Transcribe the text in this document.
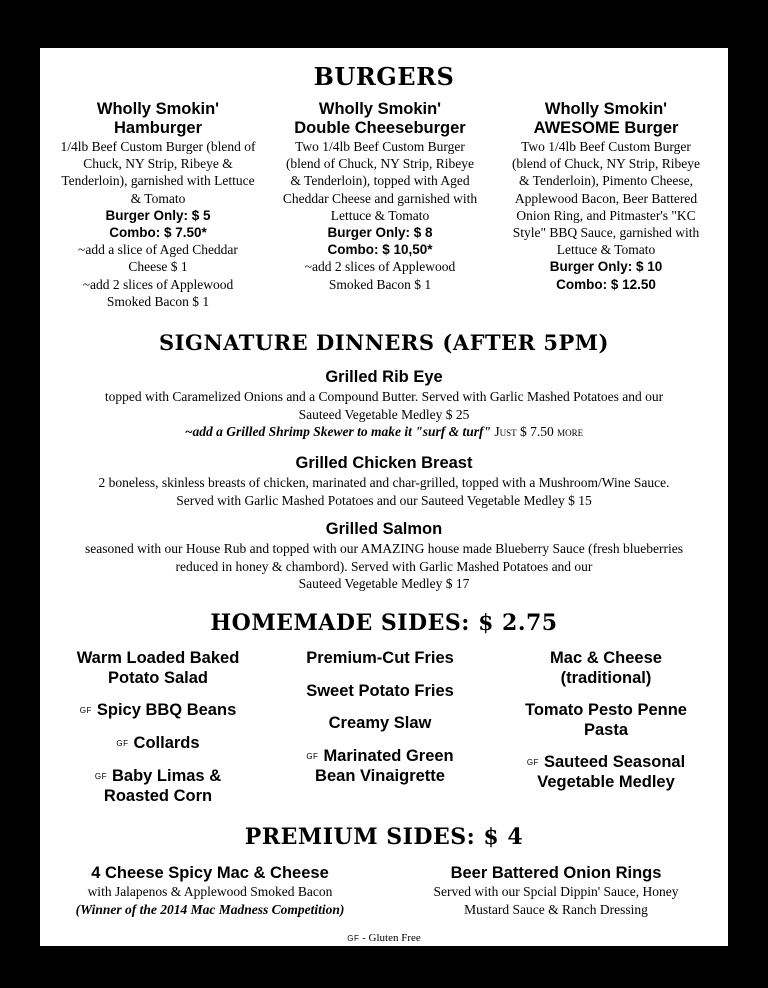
BURGERS
Wholly Smokin'
Hamburger
1/4lb Beef Custom Burger (blend of Chuck, NY Strip, Ribeye & Tenderloin), garnished with Lettuce & Tomato
Burger Only: $ 5
Combo: $ 7.50*
~add a slice of Aged Cheddar Cheese $ 1
~add 2 slices of Applewood Smoked Bacon $ 1
Wholly Smokin'
Double Cheeseburger
Two 1/4lb Beef Custom Burger (blend of Chuck, NY Strip, Ribeye & Tenderloin), topped with Aged Cheddar Cheese and garnished with Lettuce & Tomato
Burger Only: $ 8
Combo: $ 10,50*
~add 2 slices of Applewood Smoked Bacon $ 1
Wholly Smokin'
AWESOME Burger
Two 1/4lb Beef Custom Burger (blend of Chuck, NY Strip, Ribeye & Tenderloin), Pimento Cheese, Applewood Bacon, Beer Battered Onion Ring, and Pitmaster's "KC Style" BBQ Sauce, garnished with Lettuce & Tomato
Burger Only: $ 10
Combo: $ 12.50
SIGNATURE DINNERS (AFTER 5PM)
Grilled Rib Eye
topped with Caramelized Onions and a Compound Butter. Served with Garlic Mashed Potatoes and our
Sauteed Vegetable Medley $ 25
~add a Grilled Shrimp Skewer to make it "surf & turf" Just $ 7.50 more
Grilled Chicken Breast
2 boneless, skinless breasts of chicken, marinated and char-grilled, topped with a Mushroom/Wine Sauce.
Served with Garlic Mashed Potatoes and our Sauteed Vegetable Medley $ 15
Grilled Salmon
seasoned with our House Rub and topped with our AMAZING house made Blueberry Sauce (fresh blueberries
reduced in honey & chambord). Served with Garlic Mashed Potatoes and our
Sauteed Vegetable Medley $ 17
HOMEMADE SIDES: $ 2.75
Warm Loaded Baked Potato Salad
GF Spicy BBQ Beans
GF Collards
GF Baby Limas & Roasted Corn
Premium-Cut Fries
Sweet Potato Fries
Creamy Slaw
GF Marinated Green Bean Vinaigrette
Mac & Cheese (traditional)
Tomato Pesto Penne Pasta
GF Sauteed Seasonal Vegetable Medley
PREMIUM SIDES: $ 4
4 Cheese Spicy Mac & Cheese
with Jalapenos & Applewood Smoked Bacon
(Winner of the 2014 Mac Madness Competition)
Beer Battered Onion Rings
Served with our Spcial Dippin' Sauce, Honey
Mustard Sauce & Ranch Dressing
GF - Gluten Free
